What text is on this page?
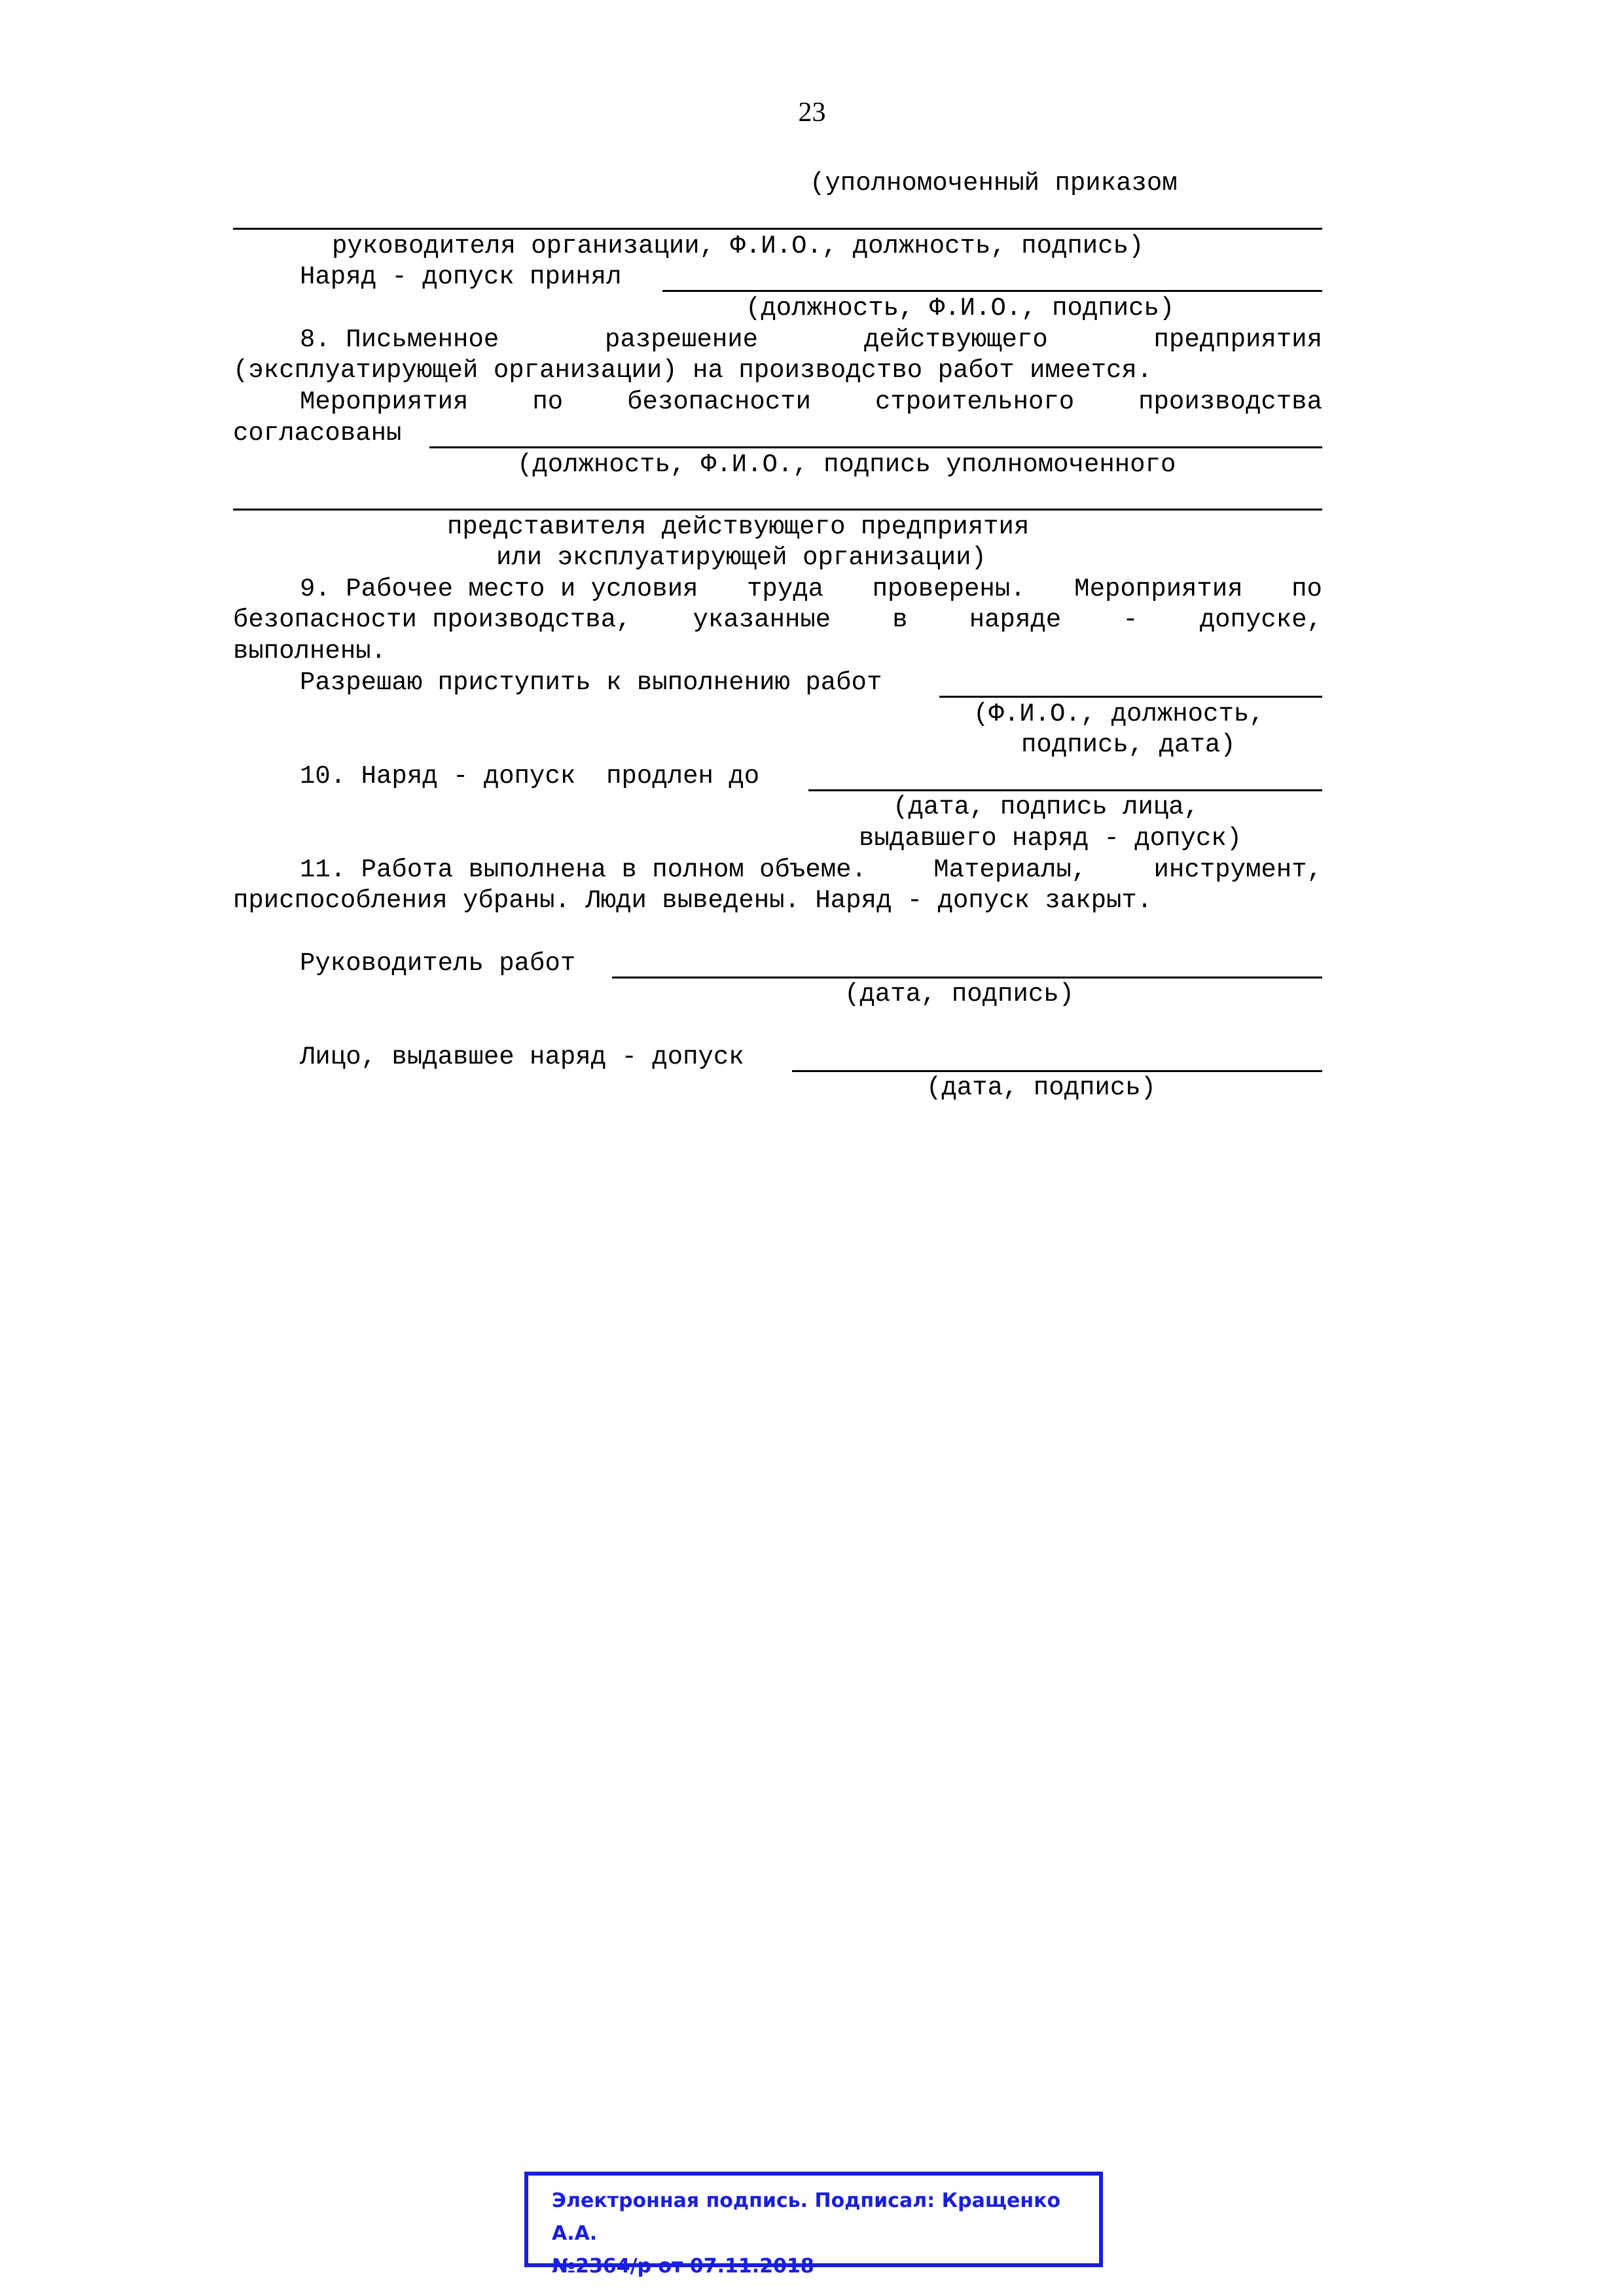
23

(уполномоченный приказом

руководителя организации, Ф.И.О., должность, подпись)

Наряд - допуск принял

(должность, Ф.И.О., подпись)

8. Письменное	разрешение	действующего	предприятия

(эксплуатирующей организации) на производство работ имеется.

Мероприятия	по	безопасности	строительного	производства

согласованы

(должность, Ф.И.О., подпись уполномоченного

представителя действующего предприятия

или эксплуатирующей организации)

9. Рабочее место и условия труда проверены. Мероприятия по

безопасности производства, указанные в наряде - допуске,

выполнены.

Разрешаю приступить к выполнению работ

(Ф.И.О., должность,

подпись, дата)

10. Наряд - допуск  продлен до

(дата, подпись лица,

выдавшего наряд - допуск)

11. Работа выполнена в полном объеме.	Материалы,	инструмент,

приспособления убраны. Люди выведены. Наряд - допуск закрыт.

Руководитель работ

(дата, подпись)

Лицо, выдавшее наряд - допуск

(дата, подпись)

Электронная подпись. Подписал: Кращенко А.А.
№2364/р от 07.11.2018
